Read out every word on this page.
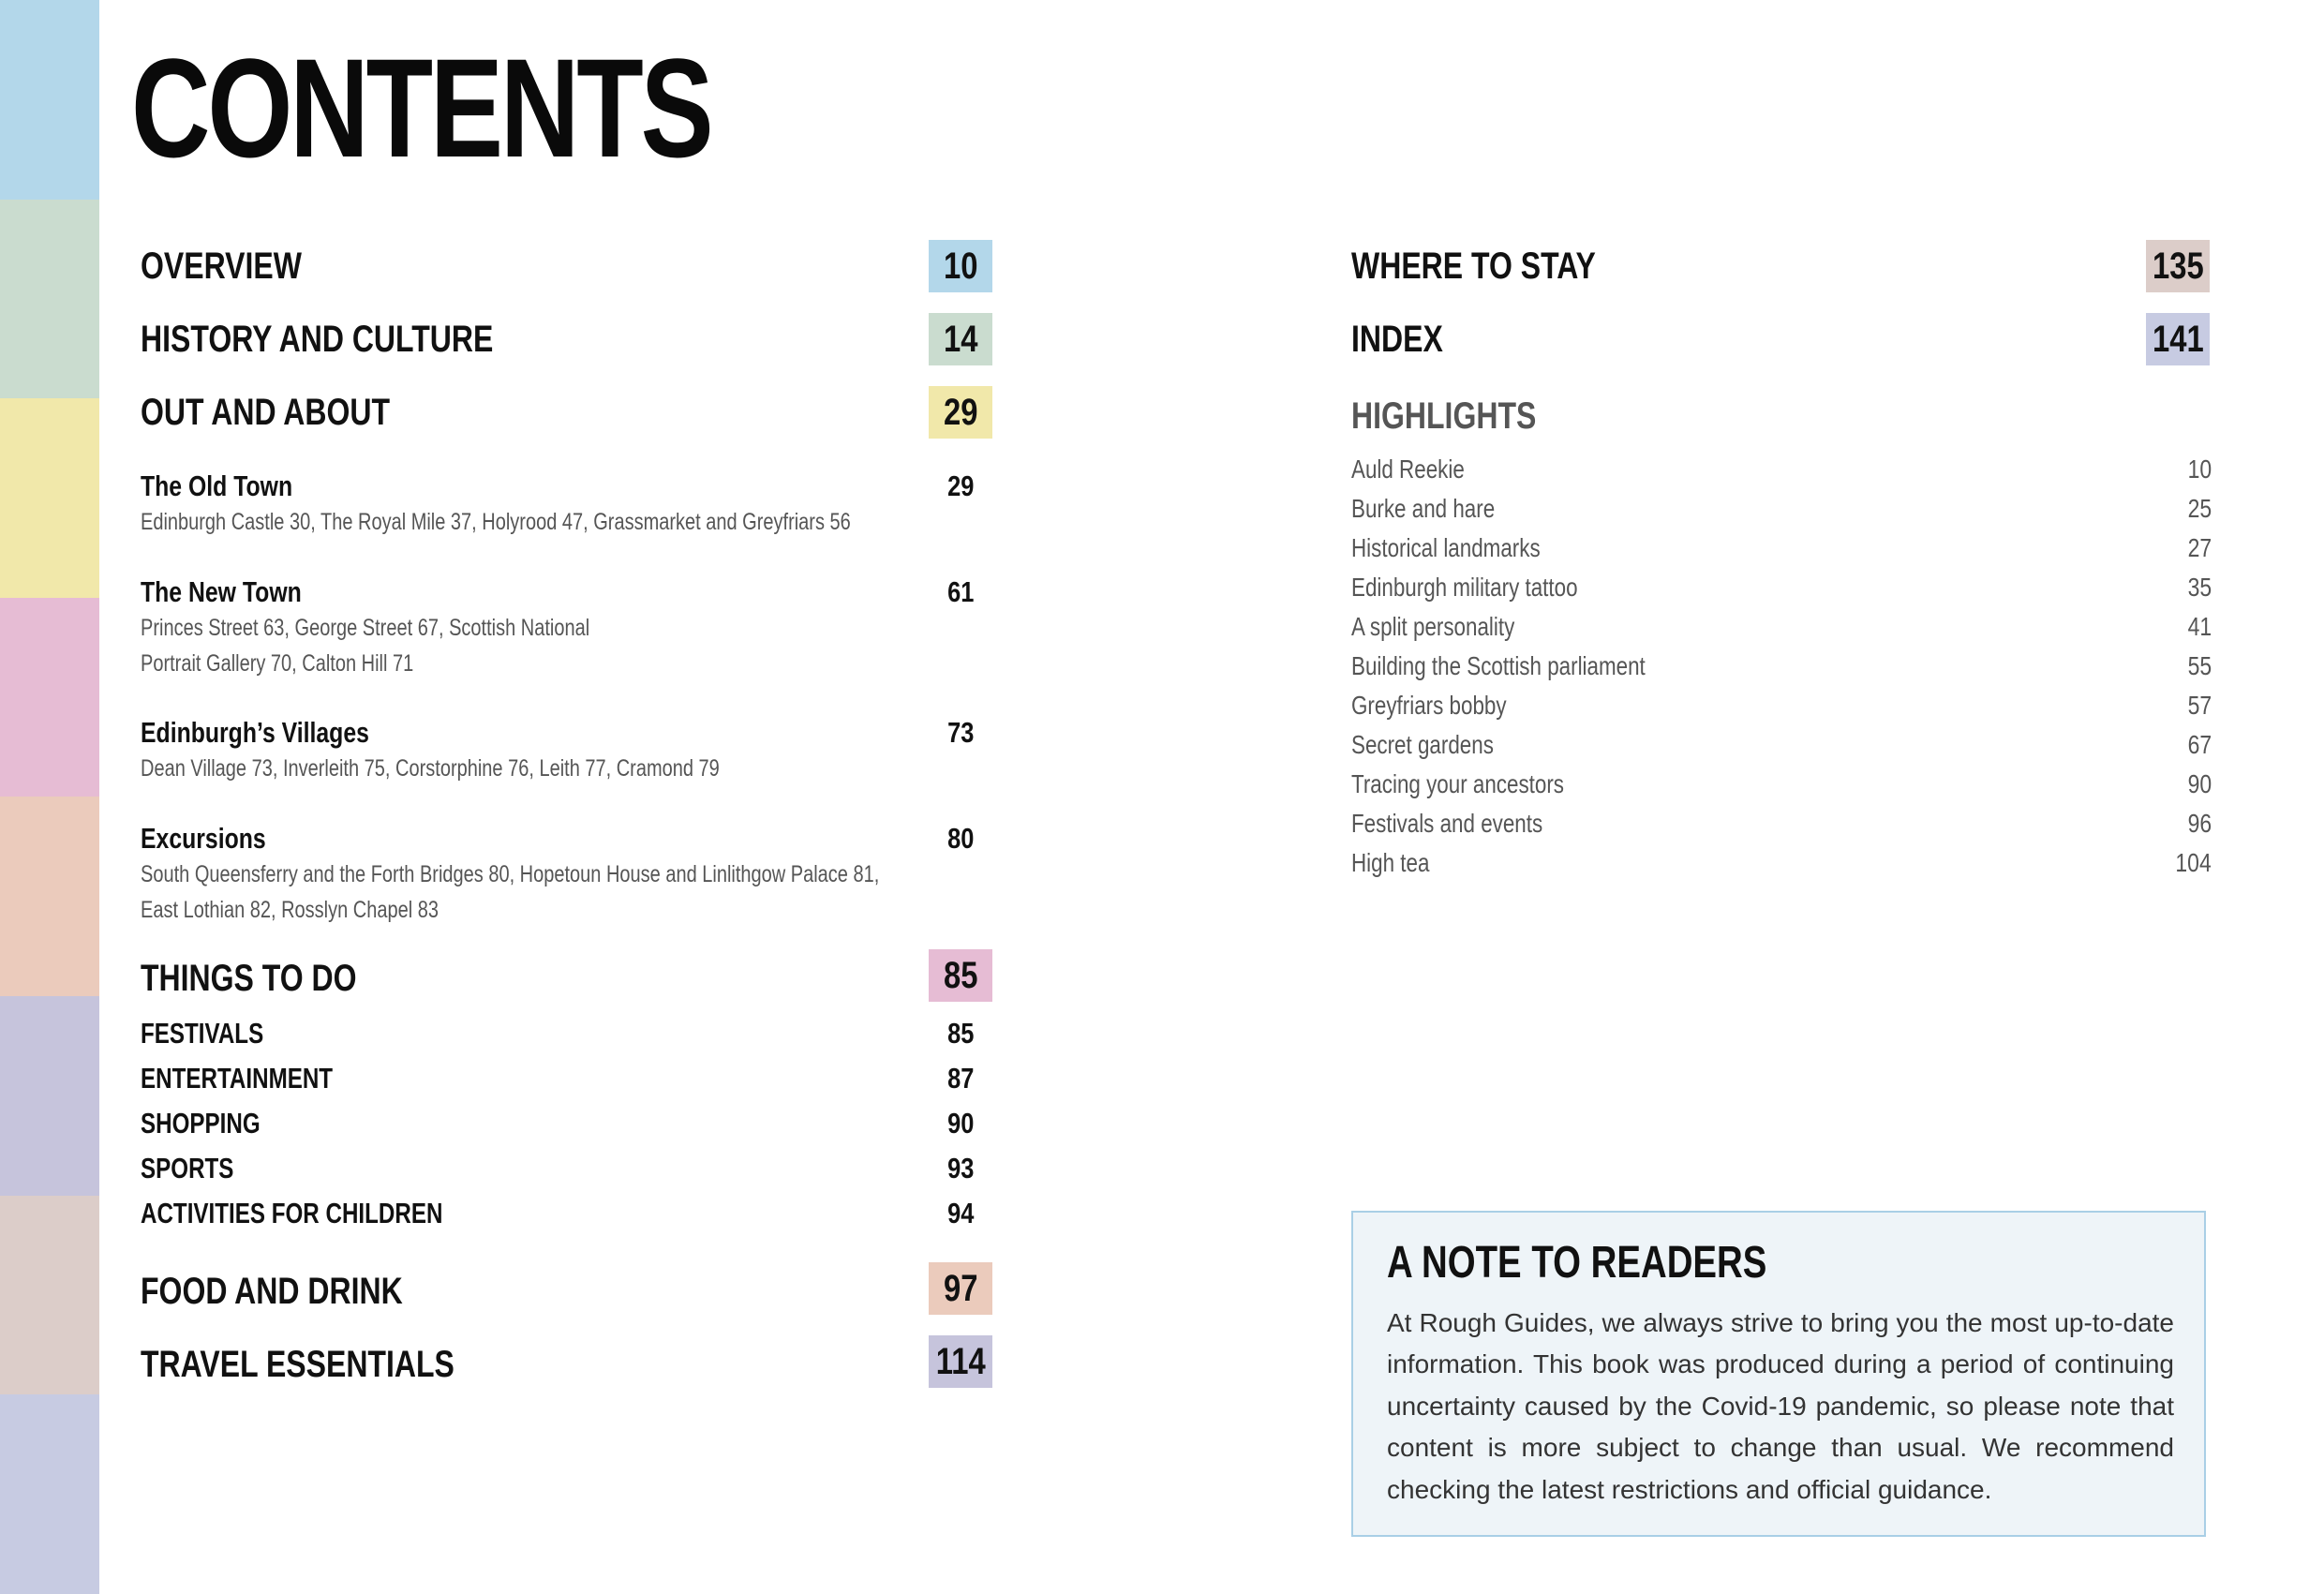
CONTENTS
OVERVIEW	10
HISTORY AND CULTURE	14
OUT AND ABOUT	29
The Old Town	29
Edinburgh Castle 30, The Royal Mile 37, Holyrood 47, Grassmarket and Greyfriars 56
The New Town	61
Princes Street 63, George Street 67, Scottish National
Portrait Gallery 70, Calton Hill 71
Edinburgh’s Villages	73
Dean Village 73, Inverleith 75, Corstorphine 76, Leith 77, Cramond 79
Excursions	80
South Queensferry and the Forth Bridges 80, Hopetoun House and Linlithgow Palace 81,
East Lothian 82, Rosslyn Chapel 83
THINGS TO DO	85
FESTIVALS	85
ENTERTAINMENT	87
SHOPPING	90
SPORTS	93
ACTIVITIES FOR CHILDREN	94
FOOD AND DRINK	97
TRAVEL ESSENTIALS	114
WHERE TO STAY	135
INDEX	141
HIGHLIGHTS
Auld Reekie	10
Burke and hare	25
Historical landmarks	27
Edinburgh military tattoo	35
A split personality	41
Building the Scottish parliament	55
Greyfriars bobby	57
Secret gardens	67
Tracing your ancestors	90
Festivals and events	96
High tea	104
A NOTE TO READERS

At Rough Guides, we always strive to bring you the most up-to-date information. This book was produced during a period of continuing uncertainty caused by the Covid-19 pandemic, so please note that content is more subject to change than usual. We recommend checking the latest restrictions and official guidance.
